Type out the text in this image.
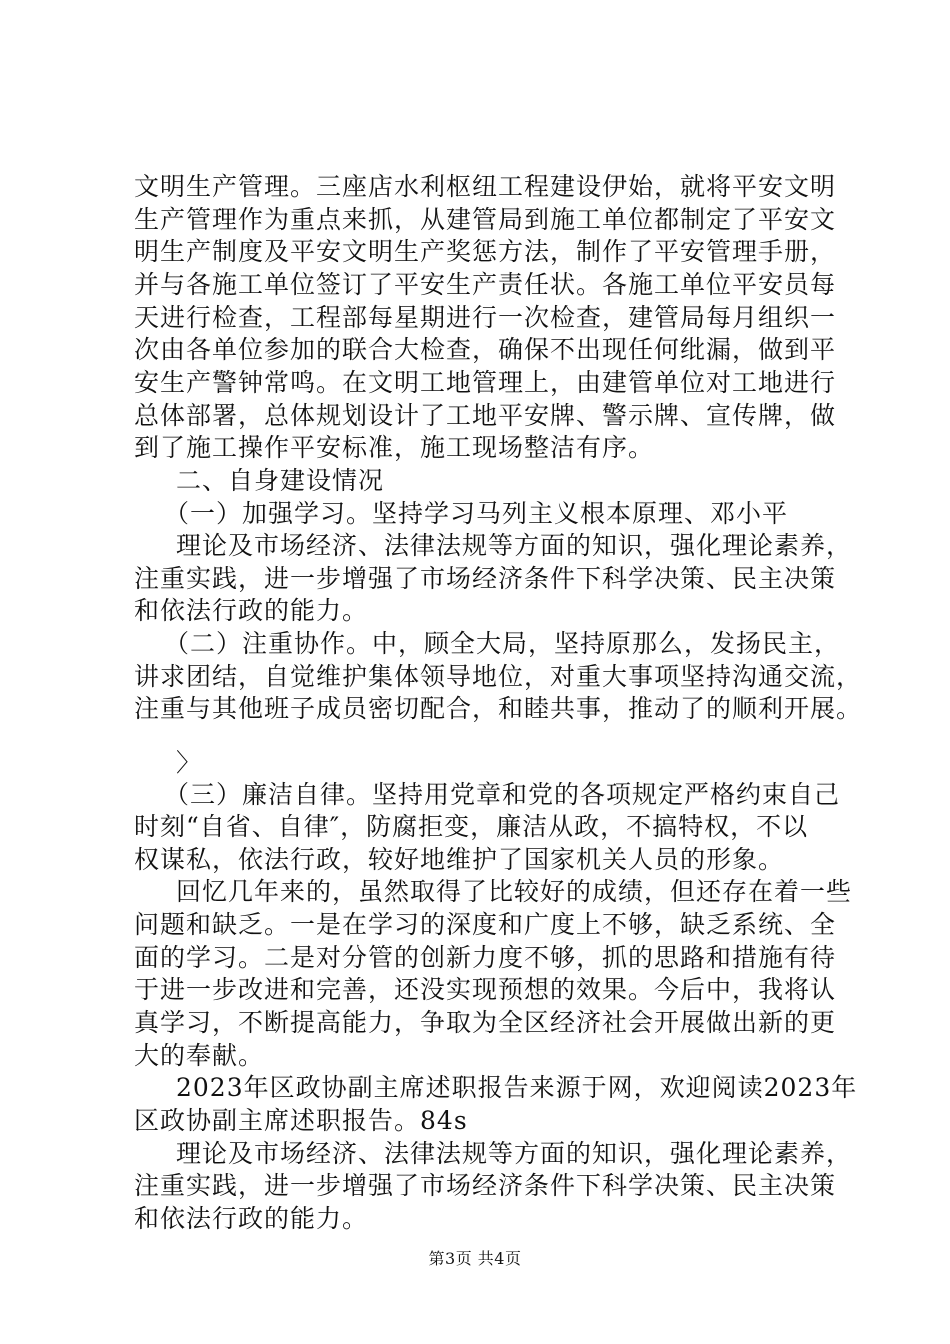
文明生产管理。三座店水利枢纽工程建设伊始，就将平安文明
生产管理作为重点来抓，从建管局到施工单位都制定了平安文
明生产制度及平安文明生产奖惩方法，制作了平安管理手册，
并与各施工单位签订了平安生产责任状。各施工单位平安员每
天进行检查，工程部每星期进行一次检查，建管局每月组织一
次由各单位参加的联合大检查，确保不出现任何纰漏，做到平
安生产警钟常鸣。在文明工地管理上，由建管单位对工地进行
总体部署，总体规划设计了工地平安牌、警示牌、宣传牌，做
到了施工操作平安标准，施工现场整洁有序。
二、自身建设情况
（一）加强学习。坚持学习马列主义根本原理、邓小平
理论及市场经济、法律法规等方面的知识，强化理论素养，
注重实践，进一步增强了市场经济条件下科学决策、民主决策
和依法行政的能力。
（二）注重协作。中，顾全大局，坚持原那么，发扬民主，
讲求团结，自觉维护集体领导地位，对重大事项坚持沟通交流，
注重与其他班子成员密切配合，和睦共事，推动了的顺利开展。
〉
（三）廉洁自律。坚持用党章和党的各项规定严格约束自己
时刻“自省、自律″，防腐拒变，廉洁从政，不搞特权，不以
权谋私，依法行政，较好地维护了国家机关人员的形象。
回忆几年来的，虽然取得了比较好的成绩，但还存在着一些
问题和缺乏。一是在学习的深度和广度上不够，缺乏系统、全
面的学习。二是对分管的创新力度不够，抓的思路和措施有待
于进一步改进和完善，还没实现预想的效果。今后中，我将认
真学习，不断提高能力，争取为全区经济社会开展做出新的更
大的奉献。
2023年区政协副主席述职报告来源于网，欢迎阅读2023年
区政协副主席述职报告。84s
理论及市场经济、法律法规等方面的知识，强化理论素养，
注重实践，进一步增强了市场经济条件下科学决策、民主决策
和依法行政的能力。
第3页 共4页
